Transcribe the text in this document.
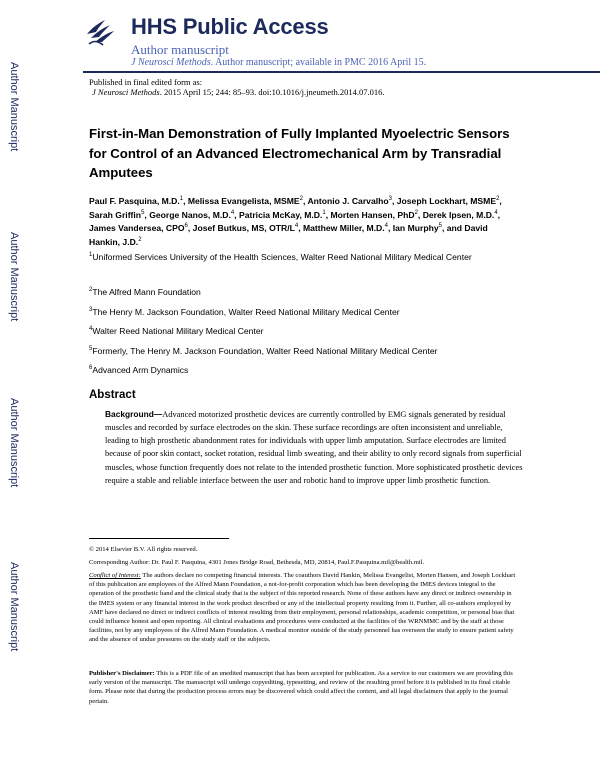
HHS Public Access
Author manuscript
J Neurosci Methods. Author manuscript; available in PMC 2016 April 15.
Published in final edited form as:
J Neurosci Methods. 2015 April 15; 244: 85–93. doi:10.1016/j.jneumeth.2014.07.016.
Author Manuscript
Author Manuscript
Author Manuscript
Author Manuscript
First-in-Man Demonstration of Fully Implanted Myoelectric Sensors for Control of an Advanced Electromechanical Arm by Transradial Amputees
Paul F. Pasquina, M.D.$^1$, Melissa Evangelista, MSME$^2$, Antonio J. Carvalho$^3$, Joseph Lockhart, MSME$^2$, Sarah Griffin$^5$, George Nanos, M.D.$^4$, Patricia McKay, M.D.$^1$, Morten Hansen, PhD$^2$, Derek Ipsen, M.D.$^4$, James Vandersea, CPO$^6$, Josef Butkus, MS, OTR/$L^4$, Matthew Miller, M.D.$^4$, Ian Murphy$^5$, and David Hankin, J.D.$^2$
$^1$Uniformed Services University of the Health Sciences, Walter Reed National Military Medical Center
$^2$The Alfred Mann Foundation
$^3$The Henry M. Jackson Foundation, Walter Reed National Military Medical Center
$^4$Walter Reed National Military Medical Center
$^5$Formerly, The Henry M. Jackson Foundation, Walter Reed National Military Medical Center
$^6$Advanced Arm Dynamics
Abstract
Background—Advanced motorized prosthetic devices are currently controlled by EMG signals generated by residual muscles and recorded by surface electrodes on the skin. These surface recordings are often inconsistent and unreliable, leading to high prosthetic abandonment rates for individuals with upper limb amputation. Surface electrodes are limited because of poor skin contact, socket rotation, residual limb sweating, and their ability to only record signals from superficial muscles, whose function frequently does not relate to the intended prosthetic function. More sophisticated prosthetic devices require a stable and reliable interface between the user and robotic hand to improve upper limb prosthetic function.
© 2014 Elsevier B.V. All rights reserved.
Corresponding Author: Dr. Paul F. Pasquina, 4301 Jones Bridge Road, Bethesda, MD, 20814, Paul.F.Pasquina.mil@health.mil.
Conflict of Interest: The authors declare no competing financial interests. The coauthors David Hankin, Melissa Evangelist, Morten Hansen, and Joseph Lockhart of this publication are employees of the Alfred Mann Foundation, a not-for-profit corporation which has been developing the IMES devices integral to the operation of the prosthetic hand and the clinical study that is the subject of this reported research. None of these authors have any direct or indirect ownership in the IMES system or any financial interest in the work product described or any of the intellectual property resulting from it. Further, all co-authors employed by AMF have declared no direct or indirect conflicts of interest resulting from their employment, personal relationships, academic competition, or personal bias that could influence honest and open reporting. All clinical evaluations and procedures were conducted at the facilities of the WRNMMC and by the staff at those facilities, not by any employees of the Alfred Mann Foundation. A medical monitor outside of the study personnel has overseen the study to ensure patient safety and the absence of undue pressures on the study staff or the subjects.
Publisher's Disclaimer: This is a PDF file of an unedited manuscript that has been accepted for publication. As a service to our customers we are providing this early version of the manuscript. The manuscript will undergo copyediting, typesetting, and review of the resulting proof before it is published in its final citable form. Please note that during the production process errors may be discovered which could affect the content, and all legal disclaimers that apply to the journal pertain.
